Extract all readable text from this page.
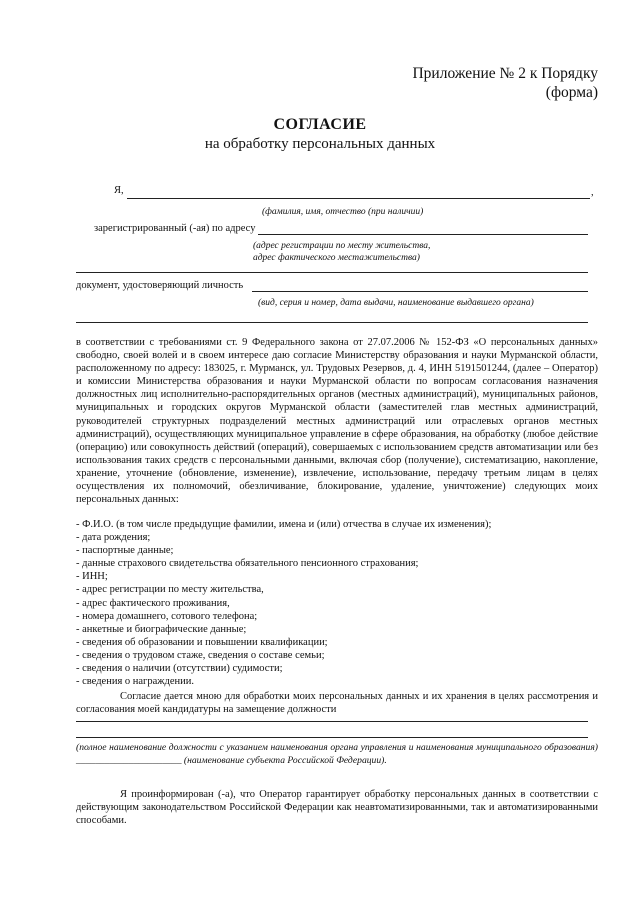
Приложение № 2 к Порядку
(форма)
СОГЛАСИЕ
на обработку персональных данных
Я,	,
(фамилия, имя, отчество (при наличии)
зарегистрированный (-ая) по адресу
(адрес регистрации по месту жительства,
адрес фактического местажительства)
документ, удостоверяющий личность
(вид, серия и номер, дата выдачи, наименование выдавшего органа)
в соответствии с требованиями ст. 9 Федерального закона от 27.07.2006 № 152-ФЗ «О персональных данных» свободно, своей волей и в своем интересе даю согласие Министерству образования и науки Мурманской области, расположенному по адресу: 183025, г. Мурманск, ул. Трудовых Резервов, д. 4, ИНН 5191501244, (далее – Оператор) и комиссии Министерства образования и науки Мурманской области по вопросам согласования назначения должностных лиц исполнительно-распорядительных органов (местных администраций), муниципальных районов, муниципальных и городских округов Мурманской области (заместителей глав местных администраций, руководителей структурных подразделений местных администраций или отраслевых органов местных администраций), осуществляющих муниципальное управление в сфере образования, на обработку (любое действие (операцию) или совокупность действий (операций), совершаемых с использованием средств автоматизации или без использования таких средств с персональными данными, включая сбор (получение), систематизацию, накопление, хранение, уточнение (обновление, изменение), извлечение, использование, передачу третьим лицам в целях осуществления их полномочий, обезличивание, блокирование, удаление, уничтожение) следующих моих персональных данных:
- Ф.И.О. (в том числе предыдущие фамилии, имена и (или) отчества в случае их изменения);
- дата рождения;
- паспортные данные;
- данные страхового свидетельства обязательного пенсионного страхования;
- ИНН;
- адрес регистрации по месту жительства,
- адрес фактического проживания,
- номера домашнего, сотового телефона;
- анкетные и биографические данные;
- сведения об образовании и повышении квалификации;
- сведения о трудовом стаже, сведения о составе семьи;
- сведения о наличии (отсутствии) судимости;
- сведения о награждении.
Согласие дается мною для обработки моих персональных данных и их хранения в целях рассмотрения и согласования моей кандидатуры на замещение должности
(полное наименование должности с указанием наименования органа управления и наименования муниципального образования) ______________________ (наименование субъекта Российской Федерации).
Я проинформирован (-а), что Оператор гарантирует обработку персональных данных в соответствии с действующим законодательством Российской Федерации как неавтоматизированными, так и автоматизированными способами.
